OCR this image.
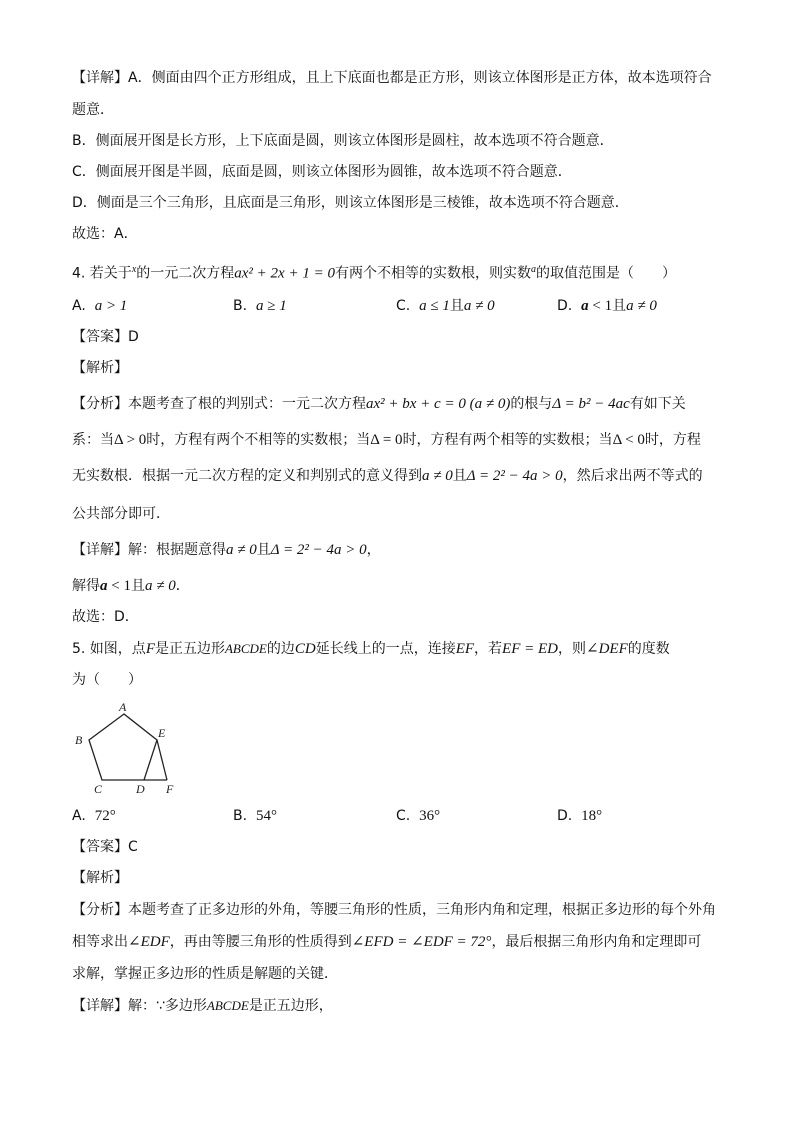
【详解】A．侧面由四个正方形组成，且上下底面也都是正方形，则该立体图形是正方体，故本选项符合
题意．
B．侧面展开图是长方形，上下底面是圆，则该立体图形是圆柱，故本选项不符合题意．
C．侧面展开图是半圆，底面是圆，则该立体图形为圆锥，故本选项不符合题意．
D．侧面是三个三角形，且底面是三角形，则该立体图形是三棱锥，故本选项不符合题意．
故选：A．
4. 若关于$^x$的一元二次方程ax² + 2x + 1 = 0有两个不相等的实数根，则实数$^a$的取值范围是（　　）
A. a > 1	B. a ≥ 1	C. a ≤ 1且a ≠ 0	D. a < 1且a ≠ 0
【答案】D
【解析】
【分析】本题考查了根的判别式：一元二次方程ax² + bx + c = 0 (a ≠ 0)的根与Δ = b² − 4ac有如下关
系：当Δ > 0时，方程有两个不相等的实数根；当Δ = 0时，方程有两个相等的实数根；当Δ < 0时，方程
无实数根．根据一元二次方程的定义和判别式的意义得到a ≠ 0且Δ = 2² − 4a > 0，然后求出两不等式的
公共部分即可．
【详解】解：根据题意得a ≠ 0且Δ = 2² − 4a > 0，
解得a < 1且a ≠ 0．
故选：D．
5. 如图，点F是正五边形ABCDE的边CD延长线上的一点，连接EF，若EF = ED，则∠DEF的度数
为（　　）
A
B
C	D
E
F
A. 72°	B. 54°	C. 36°	D. 18°
【答案】C
【解析】
【分析】本题考查了正多边形的外角，等腰三角形的性质，三角形内角和定理，根据正多边形的每个外角
相等求出∠EDF，再由等腰三角形的性质得到∠EFD = ∠EDF = 72°，最后根据三角形内角和定理即可
求解，掌握正多边形的性质是解题的关键．
【详解】解：∵多边形ABCDE是正五边形，
